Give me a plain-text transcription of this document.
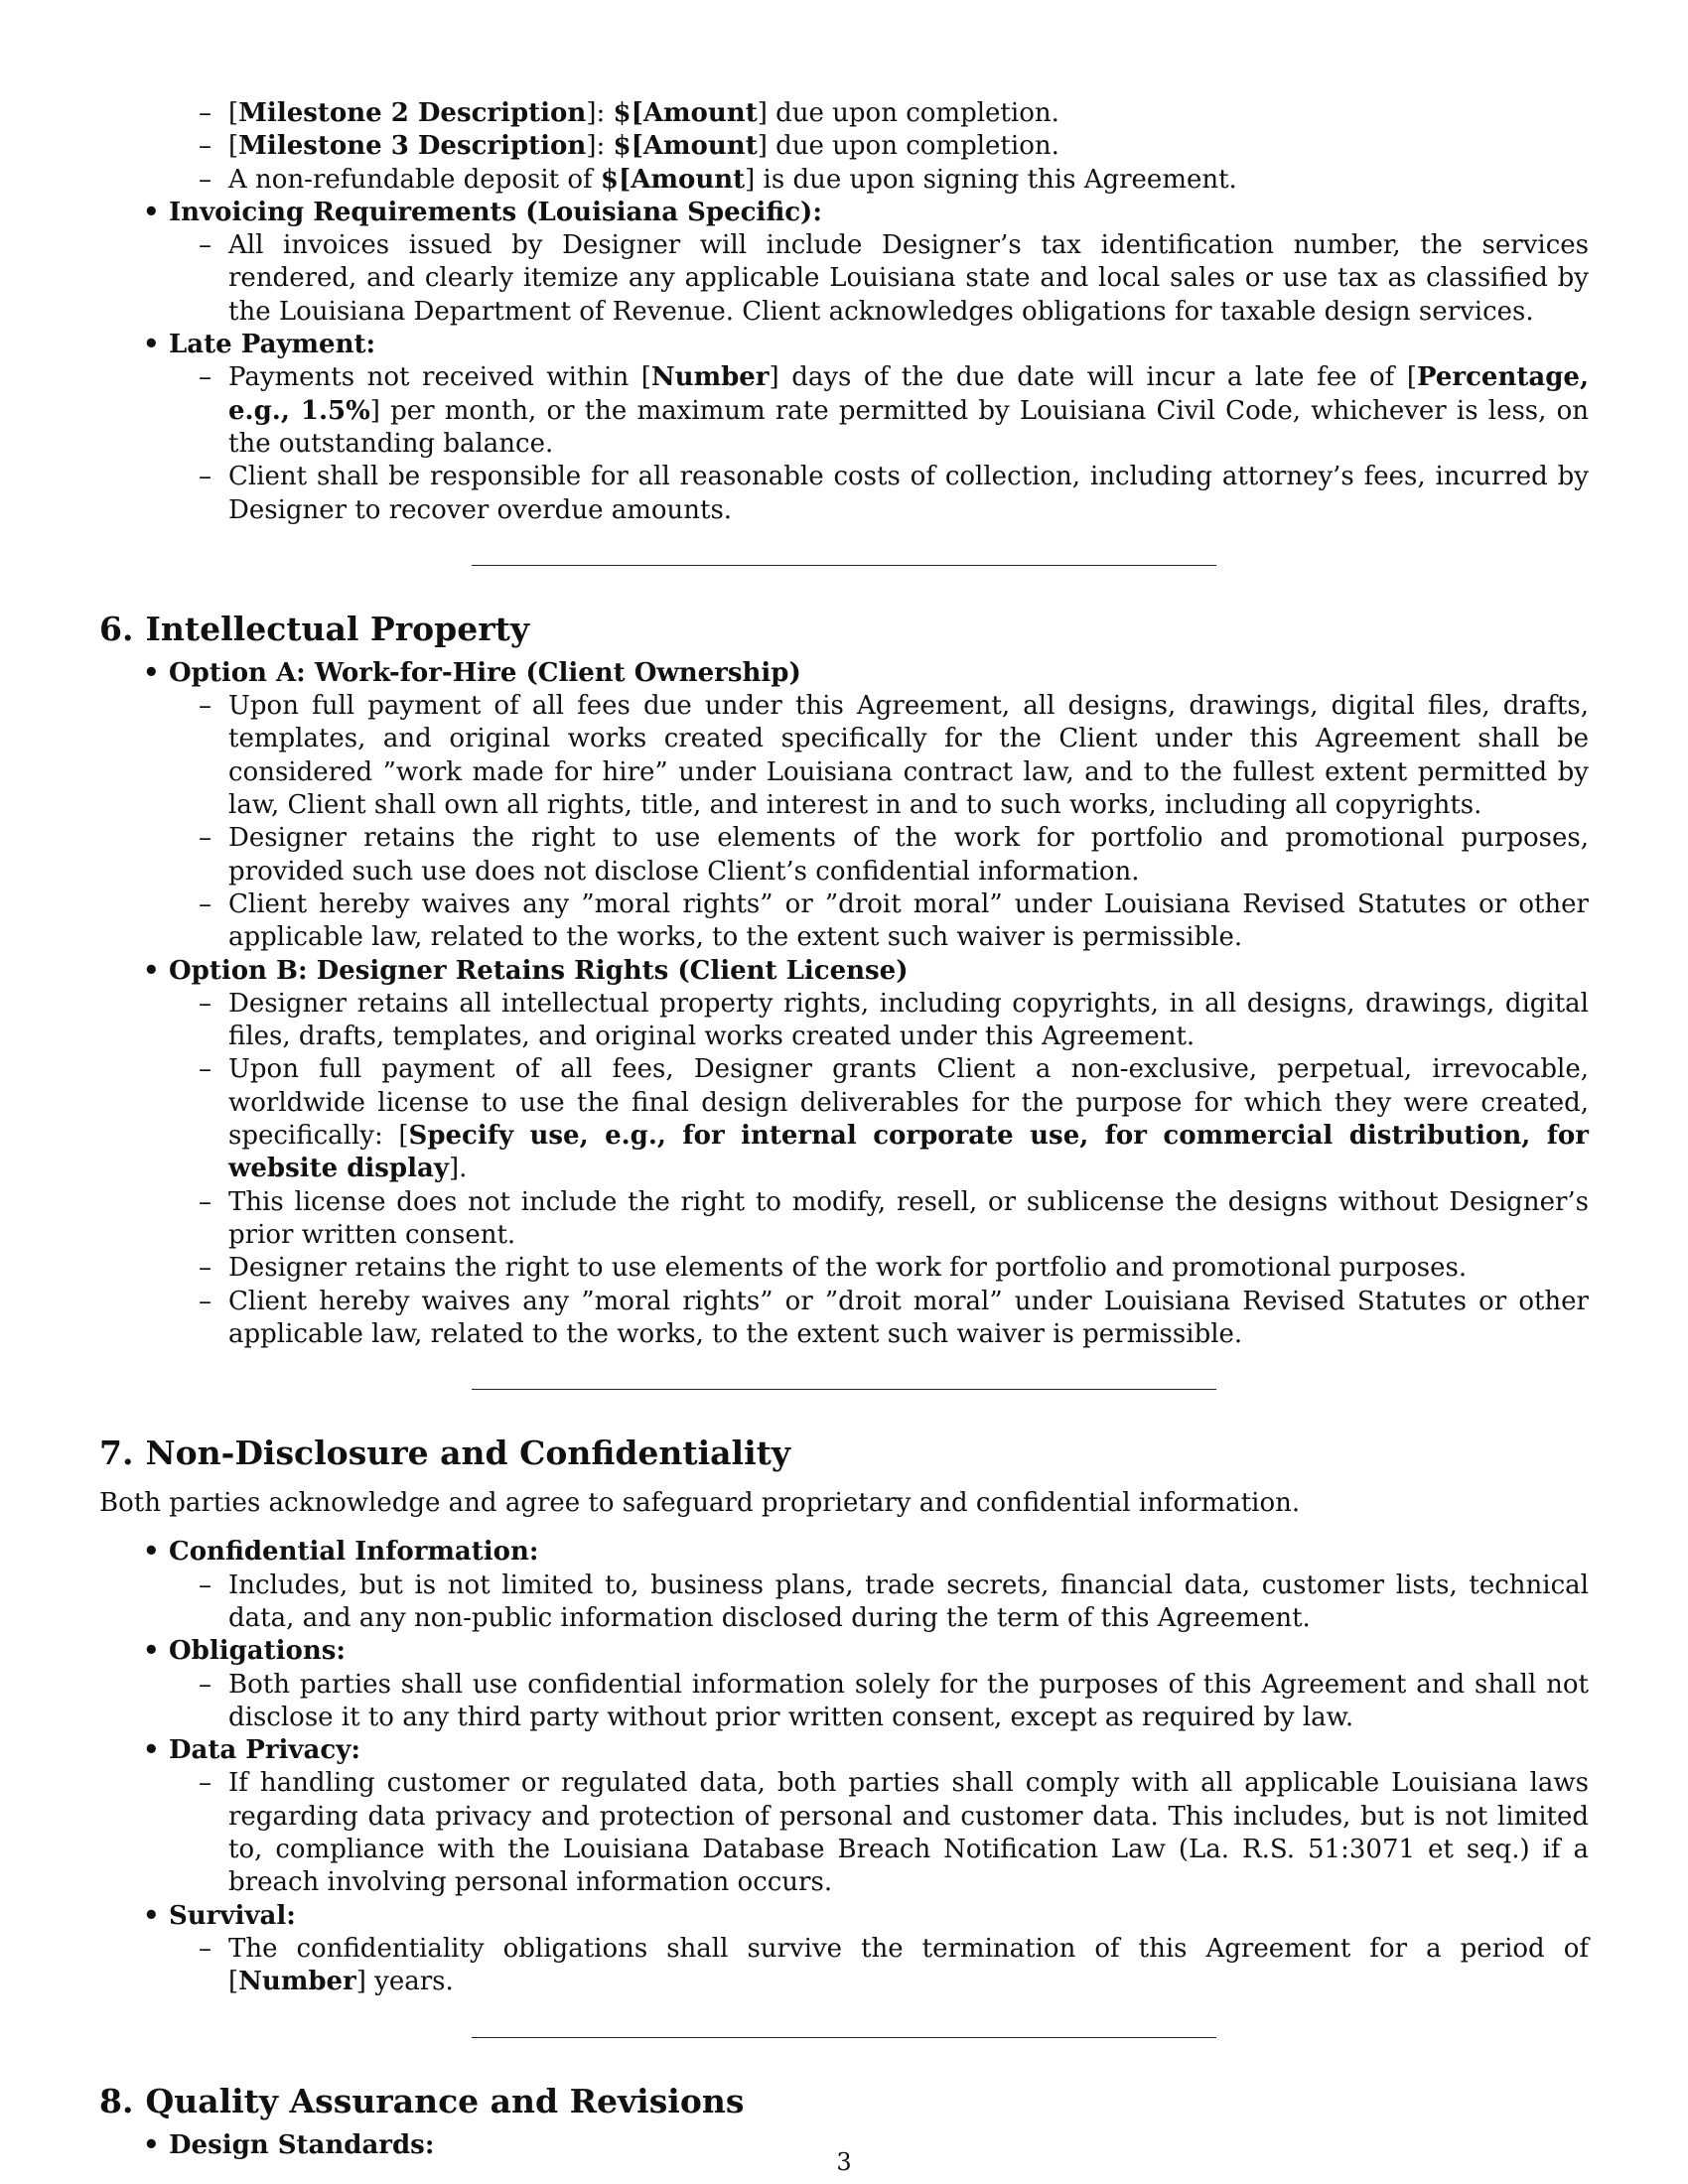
– [Milestone 2 Description]: $[Amount] due upon completion.
– [Milestone 3 Description]: $[Amount] due upon completion.
– A non-refundable deposit of $[Amount] is due upon signing this Agreement.
• Invoicing Requirements (Louisiana Specific):
– All invoices issued by Designer will include Designer’s tax identification number, the services rendered, and clearly itemize any applicable Louisiana state and local sales or use tax as classified by the Louisiana Department of Revenue. Client acknowledges obligations for taxable design services.
• Late Payment:
– Payments not received within [Number] days of the due date will incur a late fee of [Percentage, e.g., 1.5%] per month, or the maximum rate permitted by Louisiana Civil Code, whichever is less, on the outstanding balance.
– Client shall be responsible for all reasonable costs of collection, including attorney’s fees, incurred by Designer to recover overdue amounts.
6. Intellectual Property
• Option A: Work-for-Hire (Client Ownership)
– Upon full payment of all fees due under this Agreement, all designs, drawings, digital files, drafts, templates, and original works created specifically for the Client under this Agreement shall be considered ”work made for hire” under Louisiana contract law, and to the fullest extent permitted by law, Client shall own all rights, title, and interest in and to such works, including all copyrights.
– Designer retains the right to use elements of the work for portfolio and promotional purposes, provided such use does not disclose Client’s confidential information.
– Client hereby waives any ”moral rights” or ”droit moral” under Louisiana Revised Statutes or other applicable law, related to the works, to the extent such waiver is permissible.
• Option B: Designer Retains Rights (Client License)
– Designer retains all intellectual property rights, including copyrights, in all designs, drawings, digital files, drafts, templates, and original works created under this Agreement.
– Upon full payment of all fees, Designer grants Client a non-exclusive, perpetual, irrevocable, worldwide license to use the final design deliverables for the purpose for which they were created, specifically: [Specify use, e.g., for internal corporate use, for commercial distribution, for website display].
– This license does not include the right to modify, resell, or sublicense the designs without Designer’s prior written consent.
– Designer retains the right to use elements of the work for portfolio and promotional purposes.
– Client hereby waives any ”moral rights” or ”droit moral” under Louisiana Revised Statutes or other applicable law, related to the works, to the extent such waiver is permissible.
7. Non-Disclosure and Confidentiality

Both parties acknowledge and agree to safeguard proprietary and confidential information.

• Confidential Information:
– Includes, but is not limited to, business plans, trade secrets, financial data, customer lists, technical data, and any non-public information disclosed during the term of this Agreement.
• Obligations:
– Both parties shall use confidential information solely for the purposes of this Agreement and shall not disclose it to any third party without prior written consent, except as required by law.
• Data Privacy:
– If handling customer or regulated data, both parties shall comply with all applicable Louisiana laws regarding data privacy and protection of personal and customer data. This includes, but is not limited to, compliance with the Louisiana Database Breach Notification Law (La. R.S. 51:3071 et seq.) if a breach involving personal information occurs.
• Survival:
– The confidentiality obligations shall survive the termination of this Agreement for a period of [Number] years.
8. Quality Assurance and Revisions
• Design Standards:
3
